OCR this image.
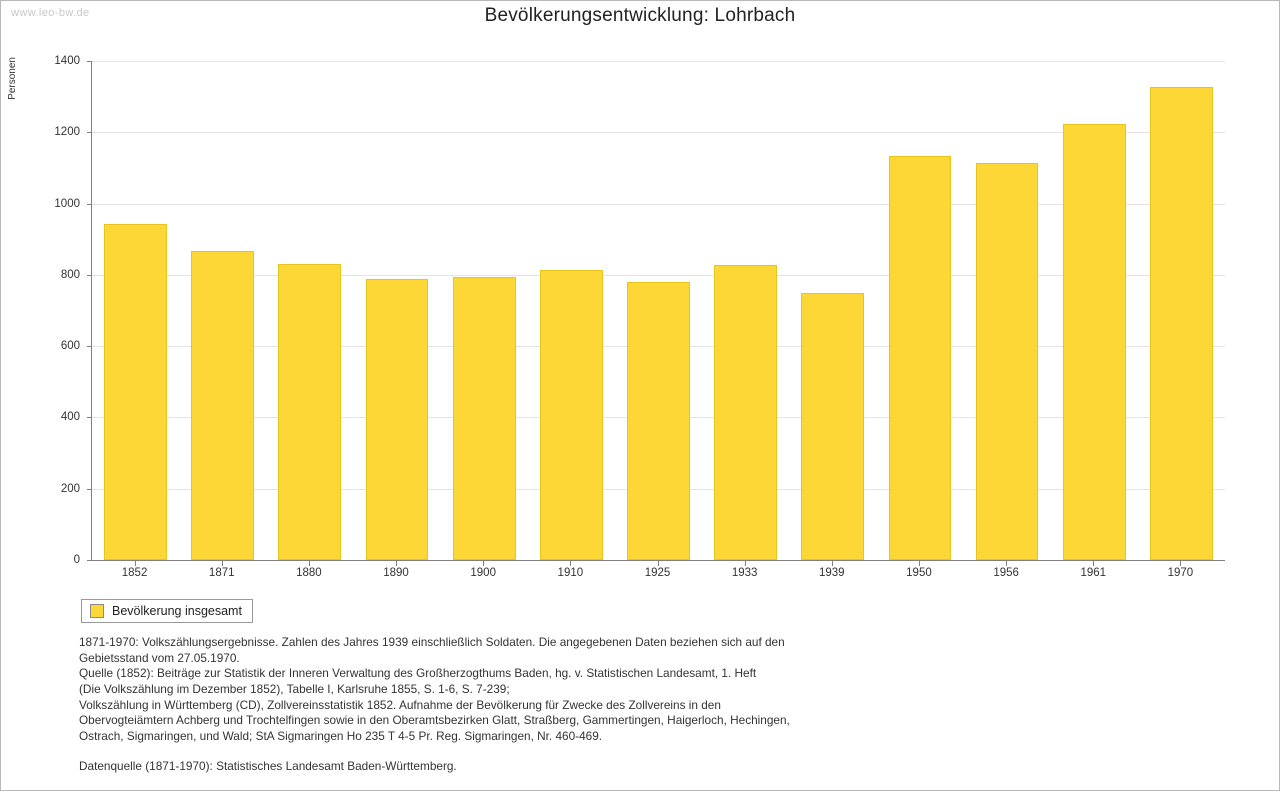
www.leo-bw.de	Bevölkerungsentwicklung: Lohrbach
Personen
0
200
400
600
800
1000
1200
1400
1852	1871	1880	1890	1900	1910	1925	1933	1939	1950	1956	1961	1970
Bevölkerung insgesamt

1871-1970: Volkszählungsergebnisse. Zahlen des Jahres 1939 einschließlich Soldaten. Die angegebenen Daten beziehen sich auf den

Gebietsstand vom 27.05.1970.

Quelle (1852): Beiträge zur Statistik der Inneren Verwaltung des Großherzogthums Baden, hg. v. Statistischen Landesamt, 1. Heft

(Die Volkszählung im Dezember 1852), Tabelle I, Karlsruhe 1855, S. 1-6, S. 7-239;

Volkszählung in Württemberg (CD), Zollvereinsstatistik 1852. Aufnahme der Bevölkerung für Zwecke des Zollvereins in den

Obervogteiämtern Achberg und Trochtelfingen sowie in den Oberamtsbezirken Glatt, Straßberg, Gammertingen, Haigerloch, Hechingen,

Ostrach, Sigmaringen, und Wald; StA Sigmaringen Ho 235 T 4-5 Pr. Reg. Sigmaringen, Nr. 460-469.

Datenquelle (1871-1970): Statistisches Landesamt Baden-Württemberg.
